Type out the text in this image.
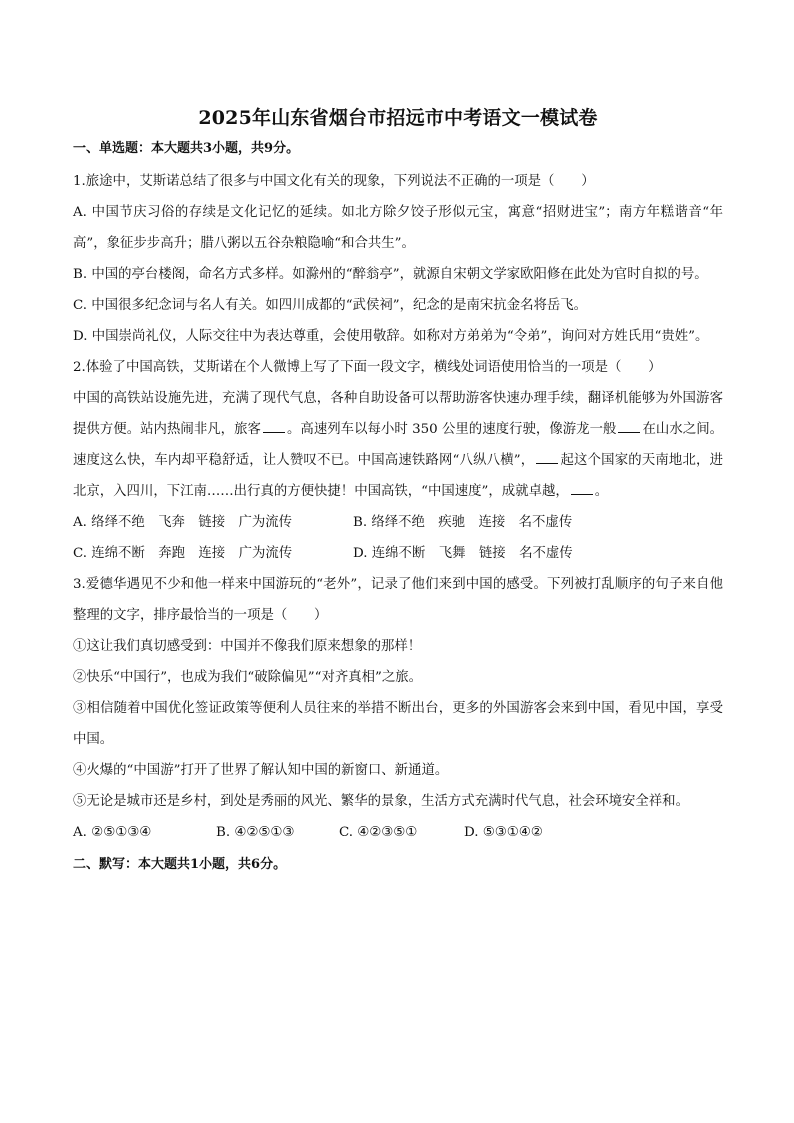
2025年山东省烟台市招远市中考语文一模试卷
一、单选题：本大题共3小题，共9分。

1.旅途中，艾斯诺总结了很多与中国文化有关的现象，下列说法不正确的一项是（　　）

A. 中国节庆习俗的存续是文化记忆的延续。如北方除夕饺子形似元宝，寓意“招财进宝”；南方年糕谐音“年高”，象征步步高升；腊八粥以五谷杂粮隐喻“和合共生”。

B. 中国的亭台楼阁，命名方式多样。如滁州的“醉翁亭”，就源自宋朝文学家欧阳修在此处为官时自拟的号。

C. 中国很多纪念词与名人有关。如四川成都的“武侯祠”，纪念的是南宋抗金名将岳飞。

D. 中国崇尚礼仪，人际交往中为表达尊重，会使用敬辞。如称对方弟弟为“令弟”，询问对方姓氏用“贵姓”。

2.体验了中国高铁，艾斯诺在个人微博上写了下面一段文字，横线处词语使用恰当的一项是（　　）

中国的高铁站设施先进，充满了现代气息，各种自助设备可以帮助游客快速办理手续，翻译机能够为外国游客提供方便。站内热闹非凡，旅客 。高速列车以每小时 350 公里的速度行驶，像游龙一般 在山水之间。速度这么快，车内却平稳舒适，让人赞叹不已。中国高速铁路网“八纵八横”， 起这个国家的天南地北，进北京，入四川，下江南……出行真的方便快捷！中国高铁，“中国速度”，成就卓越， 。

A. 络绎不绝　飞奔　链接　广为流传	B. 络绎不绝　疾驰　连接　名不虚传
C. 连绵不断　奔跑　连接　广为流传	D. 连绵不断　飞舞　链接　名不虚传

3.爱德华遇见不少和他一样来中国游玩的“老外”，记录了他们来到中国的感受。下列被打乱顺序的句子来自他整理的文字，排序最恰当的一项是（　　）

①这让我们真切感受到：中国并不像我们原来想象的那样！

②快乐“中国行”，也成为我们“破除偏见”“对齐真相”之旅。

③相信随着中国优化签证政策等便利人员往来的举措不断出台，更多的外国游客会来到中国，看见中国，享受中国。

④火爆的“中国游”打开了世界了解认知中国的新窗口、新通道。

⑤无论是城市还是乡村，到处是秀丽的风光、繁华的景象，生活方式充满时代气息，社会环境安全祥和。

A. ②⑤①③④	B. ④②⑤①③	C. ④②③⑤①	D. ⑤③①④②
二、默写：本大题共1小题，共6分。
